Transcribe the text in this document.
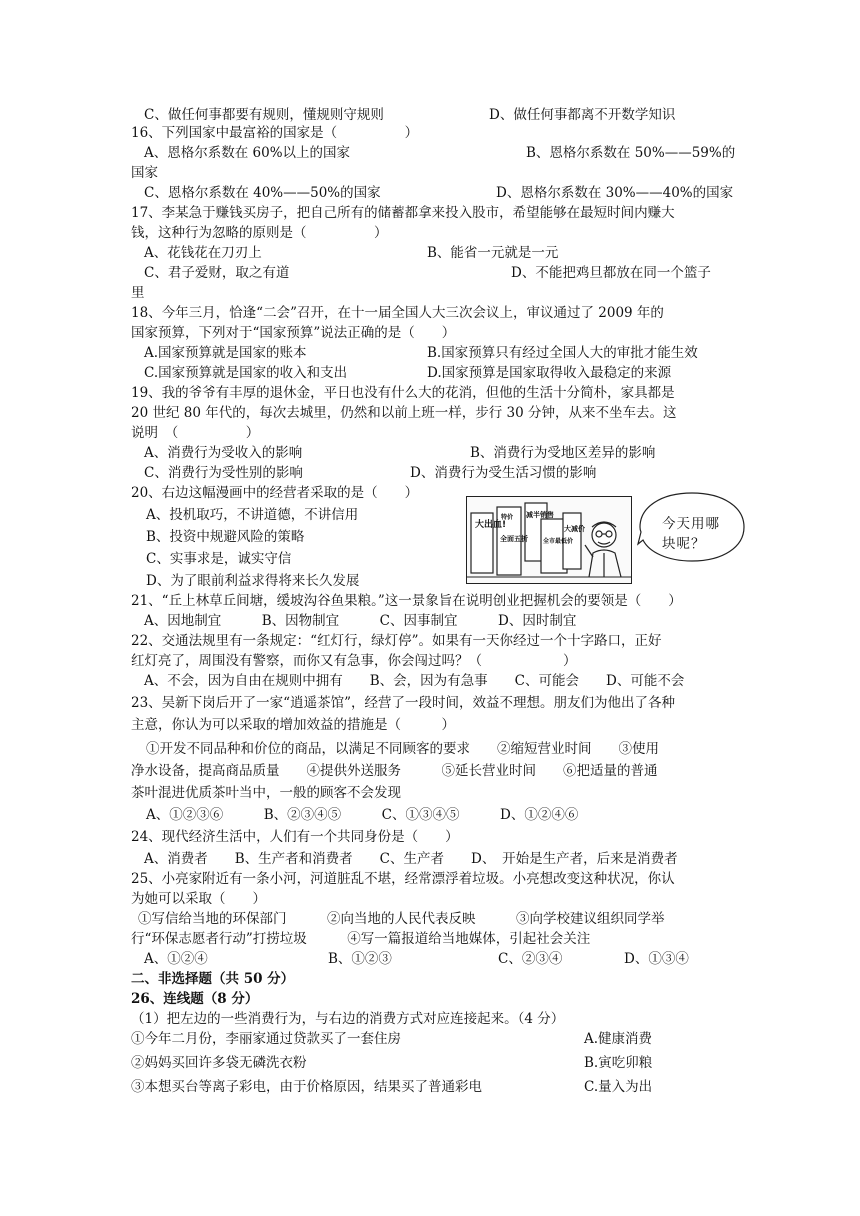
C、做任何事都要有规则，懂规则守规则	D、做任何事都离不开数学知识
16、下列国家中最富裕的国家是（　　　　　）
A、恩格尔系数在 60%以上的国家	B、恩格尔系数在 50%——59%的
国家
C、恩格尔系数在 40%——50%的国家	D、恩格尔系数在 30%——40%的国家
17、李某急于赚钱买房子，把自己所有的储蓄都拿来投入股市，希望能够在最短时间内赚大
钱，这种行为忽略的原则是（　　　　　）
A、花钱花在刀刃上	B、能省一元就是一元
C、君子爱财，取之有道	D、不能把鸡旦都放在同一个篮子
里
18、今年三月，恰逢“二会”召开，在十一届全国人大三次会议上，审议通过了 2009 年的
国家预算，下列对于“国家预算”说法正确的是（　　）
A.国家预算就是国家的账本	B.国家预算只有经过全国人大的审批才能生效
C.国家预算就是国家的收入和支出	D.国家预算是国家取得收入最稳定的来源
19、我的爷爷有丰厚的退休金，平日也没有什么大的花消，但他的生活十分简朴，家具都是
20 世纪 80 年代的，每次去城里，仍然和以前上班一样，步行 30 分钟，从来不坐车去。这
说明　（　　　　　）
A、消费行为受收入的影响	B、消费行为受地区差异的影响
C、消费行为受性别的影响	D、消费行为受生活习惯的影响
20、右边这幅漫画中的经营者采取的是（　　）
A、投机取巧，不讲道德，不讲信用
B、投资中规避风险的策略
C、实事求是，诚实守信
D、为了眼前利益求得将来长久发展
大出血!
全面五折
减半销售
全市最低价
大减价
特价	今天用哪块呢？
21、“丘上林草丘间塘，缓坡沟谷鱼果粮。”这一景象旨在说明创业把握机会的要领是（　　）
A、因地制宜　　　B、因物制宜　　　C、因事制宜　　　D、因时制宜
22、交通法规里有一条规定：“红灯行，绿灯停”。如果有一天你经过一个十字路口，正好
红灯亮了，周围没有警察，而你又有急事，你会闯过吗？（　　　　　　）
A、不会，因为自由在规则中拥有　　B、会，因为有急事　　C、可能会　　D、可能不会
23、吴新下岗后开了一家“逍遥茶馆”，经营了一段时间，效益不理想。朋友们为他出了各种
主意，你认为可以采取的增加效益的措施是（　　　）
①开发不同品种和价位的商品，以满足不同顾客的要求　　②缩短营业时间　　③使用
净水设备，提高商品质量　　④提供外送服务　　　⑤延长营业时间　　⑥把适量的普通
茶叶混进优质茶叶当中，一般的顾客不会发现
A、①②③⑥　　　B、②③④⑤　　　C、①③④⑤　　　D、①②④⑥
24、现代经济生活中，人们有一个共同身份是（　　）
A、消费者　　B、生产者和消费者　　C、生产者　　D、　开始是生产者，后来是消费者
25、小亮家附近有一条小河，河道脏乱不堪，经常漂浮着垃圾。小亮想改变这种状况，你认
为她可以采取（　　）
①写信给当地的环保部门　　　②向当地的人民代表反映　　　③向学校建议组织同学举
行“环保志愿者行动”打捞垃圾　　　④写一篇报道给当地媒体，引起社会关注
A、①②④	B、①②③	C、②③④	D、①③④
二、非选择题（共 50 分）
26、连线题（8 分）
（1）把左边的一些消费行为，与右边的消费方式对应连接起来。（4 分）
①今年二月份，李丽家通过贷款买了一套住房	A.健康消费
②妈妈买回许多袋无磷洗衣粉	B.寅吃卯粮
③本想买台等离子彩电，由于价格原因，结果买了普通彩电	C.量入为出
